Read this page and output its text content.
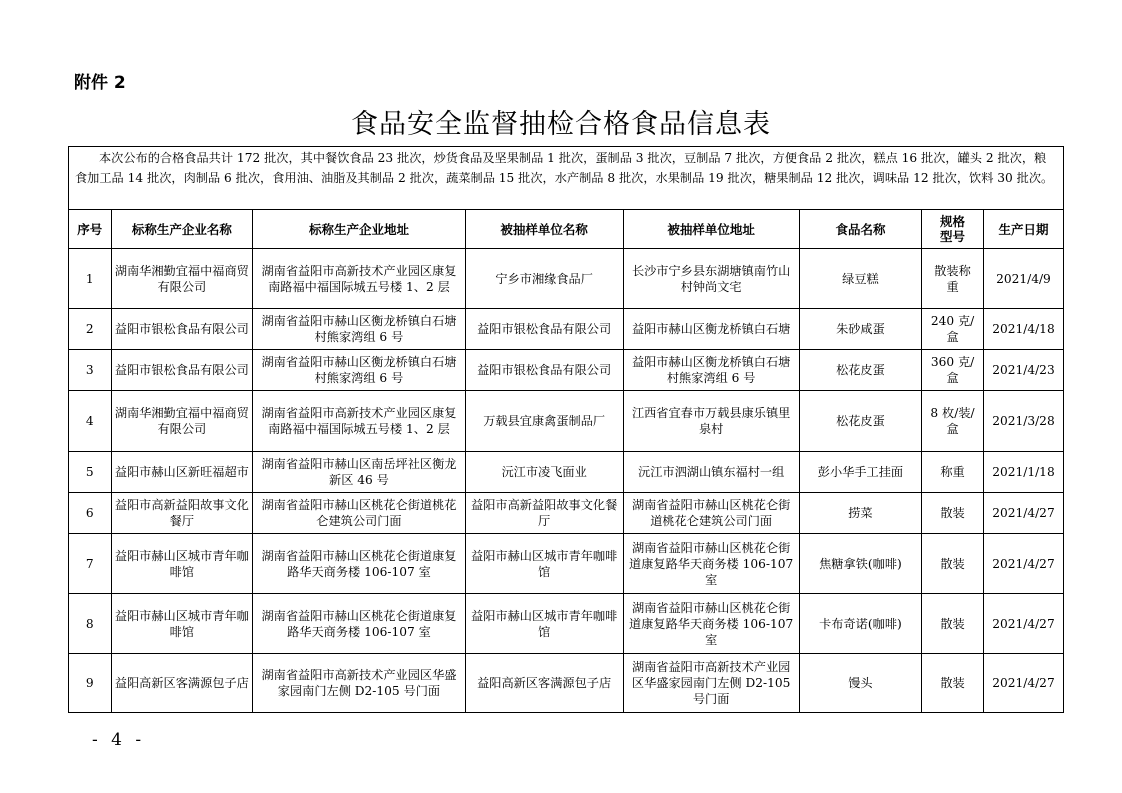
附件 2
食品安全监督抽检合格食品信息表
本次公布的合格食品共计 172 批次，其中餐饮食品 23 批次，炒货食品及坚果制品 1 批次，蛋制品 3 批次，豆制品 7 批次，方便食品 2 批次，糕点 16 批次，罐头 2 批次，粮食加工品 14 批次，肉制品 6 批次，食用油、油脂及其制品 2 批次，蔬菜制品 15 批次，水产制品 8 批次，水果制品 19 批次，糖果制品 12 批次，调味品 12 批次，饮料 30 批次。							
序号	标称生产企业名称	标称生产企业地址	被抽样单位名称	被抽样单位地址	食品名称	规格型号	生产日期
1	湖南华湘勤宜福中福商贸有限公司	湖南省益阳市高新技术产业园区康复南路福中福国际城五号楼 1、2 层	宁乡市湘缘食品厂	长沙市宁乡县东湖塘镇南竹山村钟尚文宅	绿豆糕	散装称重	2021/4/9
2	益阳市银松食品有限公司	湖南省益阳市赫山区衡龙桥镇白石塘村熊家湾组 6 号	益阳市银松食品有限公司	益阳市赫山区衡龙桥镇白石塘	朱砂咸蛋	240 克/盒	2021/4/18
3	益阳市银松食品有限公司	湖南省益阳市赫山区衡龙桥镇白石塘村熊家湾组 6 号	益阳市银松食品有限公司	益阳市赫山区衡龙桥镇白石塘村熊家湾组 6 号	松花皮蛋	360 克/盒	2021/4/23
4	湖南华湘勤宜福中福商贸有限公司	湖南省益阳市高新技术产业园区康复南路福中福国际城五号楼 1、2 层	万载县宜康禽蛋制品厂	江西省宜春市万载县康乐镇里泉村	松花皮蛋	8 枚/装/盒	2021/3/28
5	益阳市赫山区新旺福超市	湖南省益阳市赫山区南岳坪社区衡龙新区 46 号	沅江市凌飞面业	沅江市泗湖山镇东福村一组	彭小华手工挂面	称重	2021/1/18
6	益阳市高新益阳故事文化餐厅	湖南省益阳市赫山区桃花仑街道桃花仑建筑公司门面	益阳市高新益阳故事文化餐厅	湖南省益阳市赫山区桃花仑街道桃花仑建筑公司门面	捞菜	散装	2021/4/27
7	益阳市赫山区城市青年咖啡馆	湖南省益阳市赫山区桃花仑街道康复路华天商务楼 106-107 室	益阳市赫山区城市青年咖啡馆	湖南省益阳市赫山区桃花仑街道康复路华天商务楼 106-107 室	焦糖拿铁(咖啡)	散装	2021/4/27
8	益阳市赫山区城市青年咖啡馆	湖南省益阳市赫山区桃花仑街道康复路华天商务楼 106-107 室	益阳市赫山区城市青年咖啡馆	湖南省益阳市赫山区桃花仑街道康复路华天商务楼 106-107 室	卡布奇诺(咖啡)	散装	2021/4/27
9	益阳高新区客满源包子店	湖南省益阳市高新技术产业园区华盛家园南门左侧 D2-105 号门面	益阳高新区客满源包子店	湖南省益阳市高新技术产业园区华盛家园南门左侧 D2-105 号门面	馒头	散装	2021/4/27
- 4 -
